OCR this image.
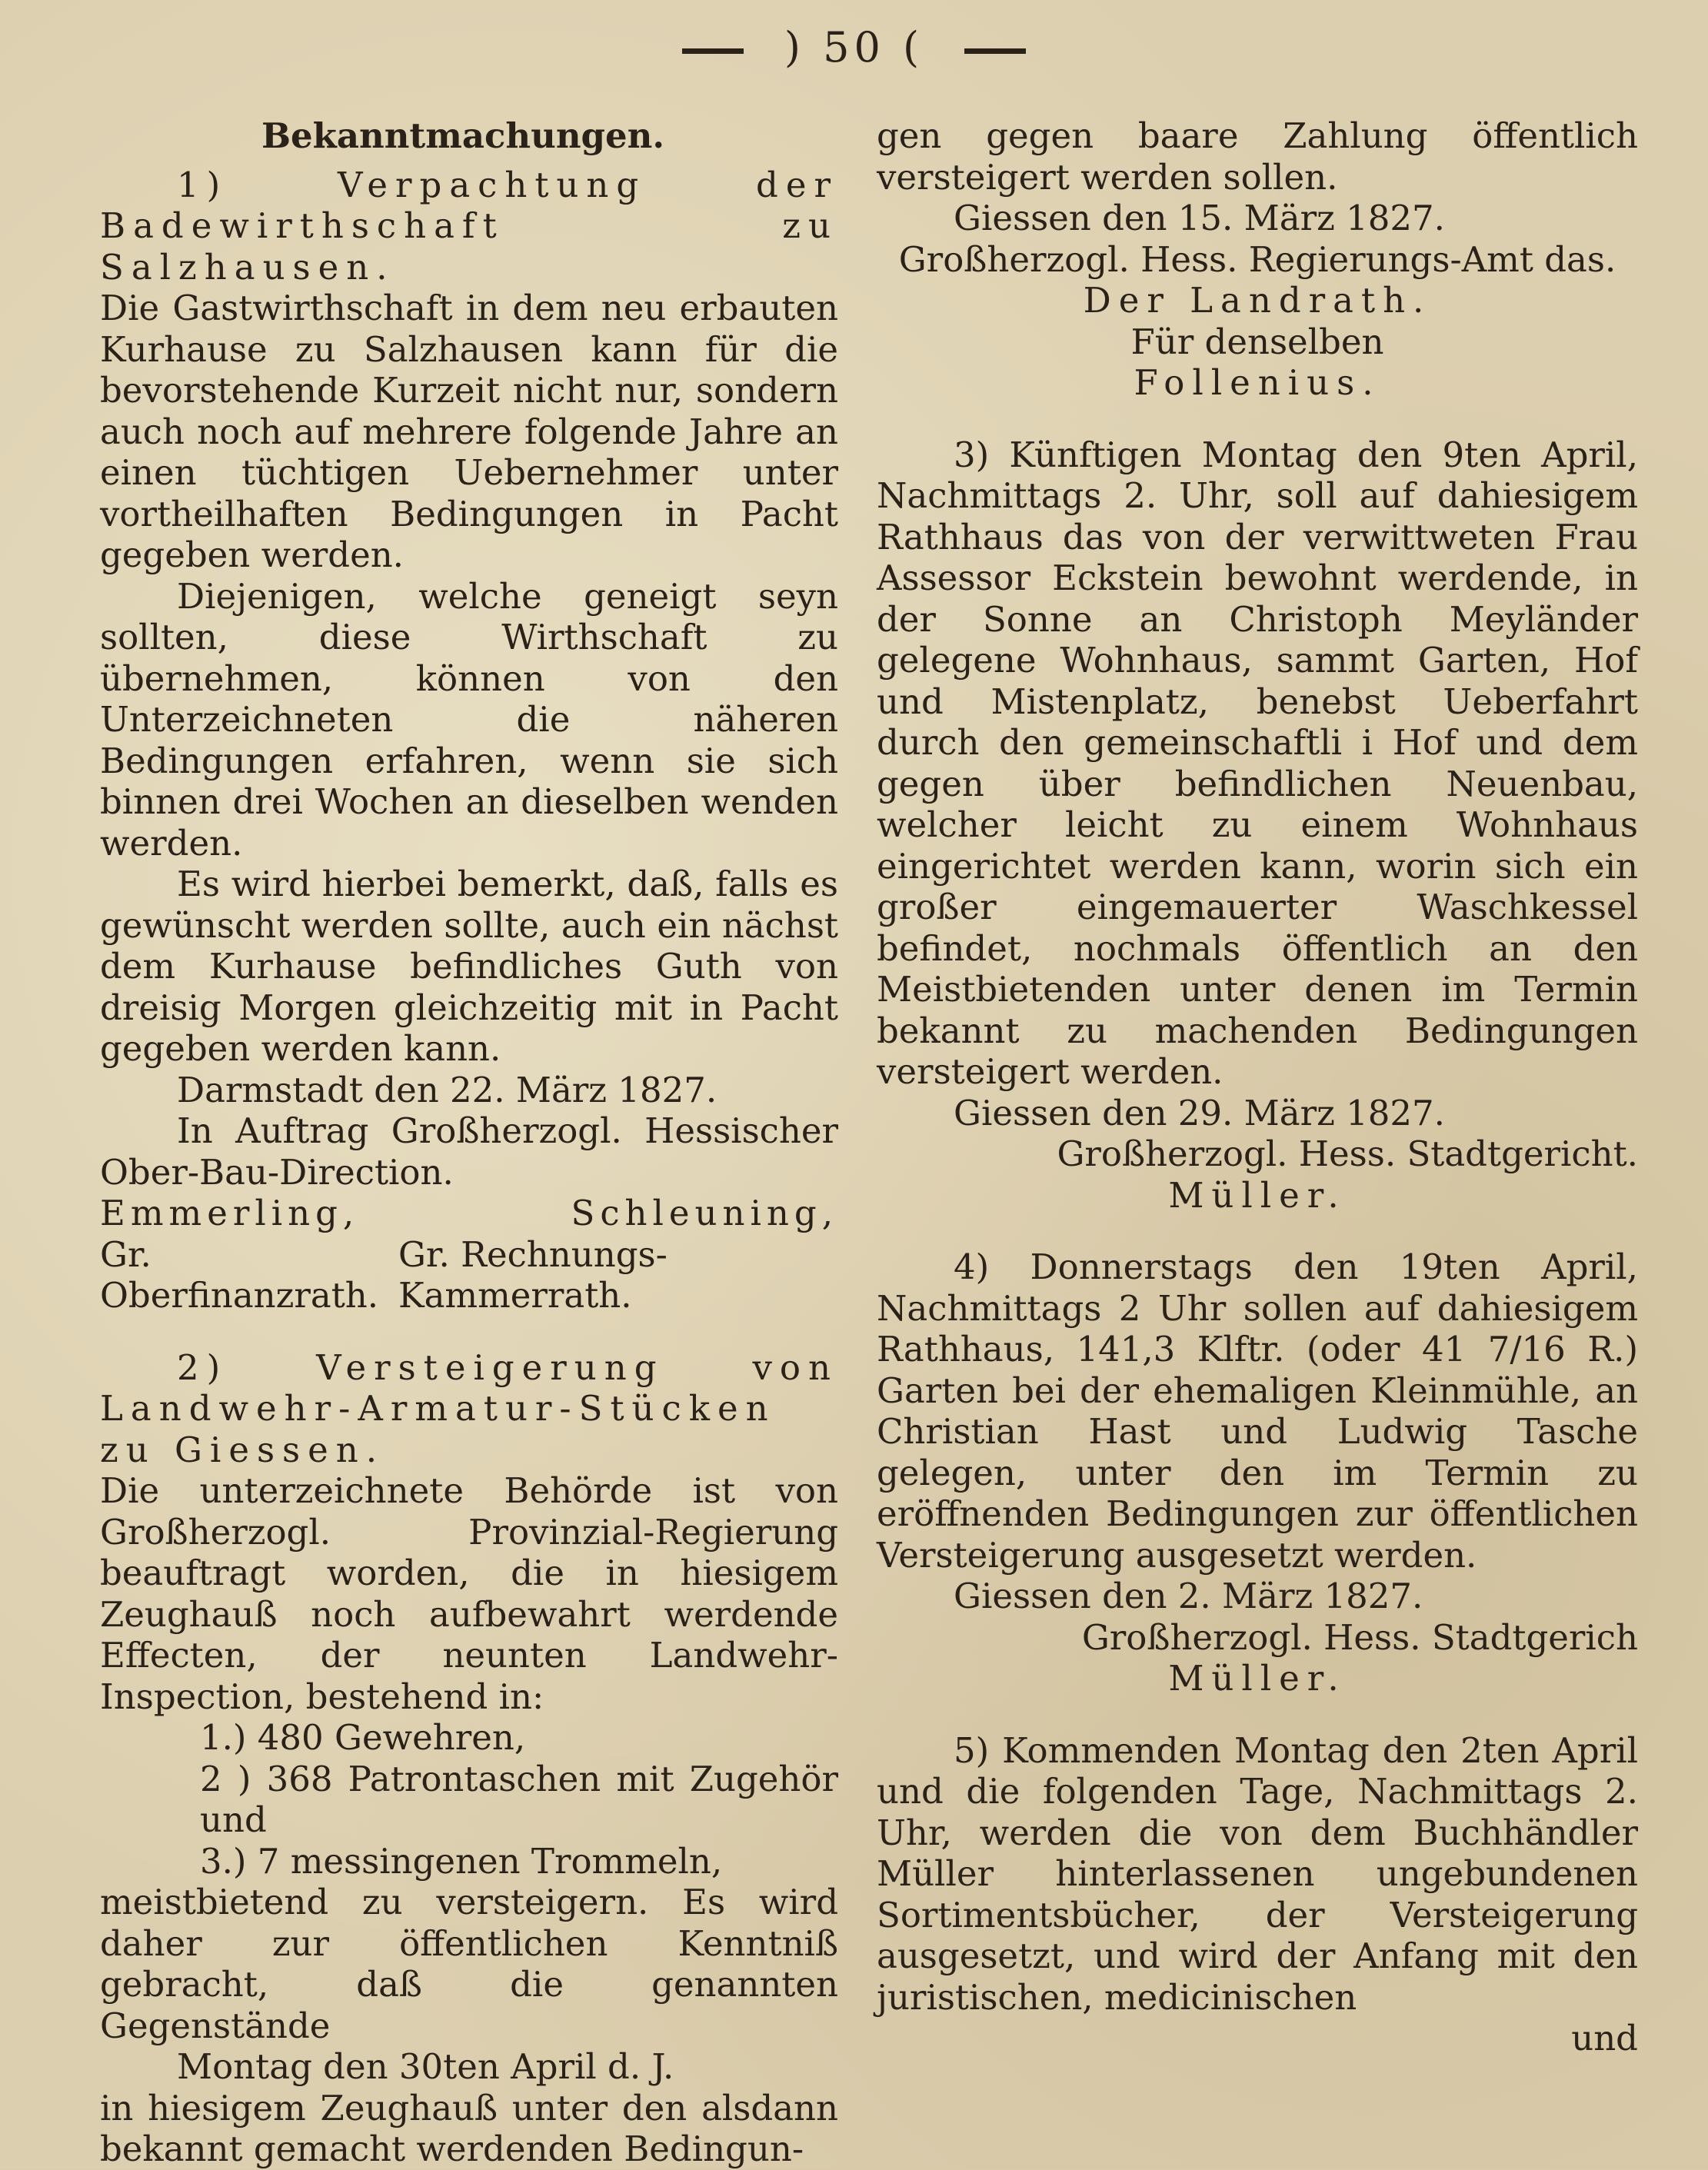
) 50 (

Bekanntmachungen.

1) Verpachtung der Badewirthschaft zu Salzhausen.

Die Gastwirthschaft in dem neu erbauten Kurhause zu Salzhausen kann für die bevorstehende Kurzeit nicht nur, sondern auch noch auf mehrere folgende Jahre an einen tüchtigen Uebernehmer unter vortheilhaften Bedingungen in Pacht gegeben werden.

Diejenigen, welche geneigt seyn sollten, diese Wirthschaft zu übernehmen, können von den Unterzeichneten die näheren Bedingungen erfahren, wenn sie sich binnen drei Wochen an dieselben wenden werden.

Es wird hierbei bemerkt, daß, falls es gewünscht werden sollte, auch ein nächst dem Kurhause befindliches Guth von dreisig Morgen gleichzeitig mit in Pacht gegeben werden kann.

Darmstadt den 22. März 1827.

In Auftrag Großherzogl. Hessischer Ober-Bau-Direction.

Emmerling,	Schleuning,
Gr. Oberfinanzrath.
Gr. Rechnungs-Kammerrath.

2) Versteigerung von Landwehr-Armatur-Stücken zu Giessen.

Die unterzeichnete Behörde ist von Großherzogl. Provinzial-Regierung beauftragt worden, die in hiesigem Zeughauß noch aufbewahrt werdende Effecten, der neunten Landwehr-Inspection, bestehend in:

1.) 480 Gewehren,

2 ) 368 Patrontaschen mit Zugehör und

3.) 7 messingenen Trommeln,

meistbietend zu versteigern. Es wird daher zur öffentlichen Kenntniß gebracht, daß die genannten Gegenstände

Montag den 30ten April d. J.

in hiesigem Zeughauß unter den alsdann bekannt gemacht werdenden Bedingun-

gen gegen baare Zahlung öffentlich versteigert werden sollen.

Giessen den 15. März 1827.

Großherzogl. Hess. Regierungs-Amt das.

Der Landrath.

Für denselben

Follenius.

3) Künftigen Montag den 9ten April, Nachmittags 2. Uhr, soll auf dahiesigem Rathhaus das von der verwittweten Frau Assessor Eckstein bewohnt werdende, in der Sonne an Christoph Meyländer gelegene Wohnhaus, sammt Garten, Hof und Mistenplatz, benebst Ueberfahrt durch den gemeinschaftli i Hof und dem gegen über befindlichen Neuenbau, welcher leicht zu einem Wohnhaus eingerichtet werden kann, worin sich ein großer eingemauerter Waschkessel befindet, nochmals öffentlich an den Meistbietenden unter denen im Termin bekannt zu machenden Bedingungen versteigert werden.

Giessen den 29. März 1827.

Großherzogl. Hess. Stadtgericht.

Müller.

4) Donnerstags den 19ten April, Nachmittags 2 Uhr sollen auf dahiesigem Rathhaus, 141,3 Klftr. (oder 41 7/16 R.) Garten bei der ehemaligen Kleinmühle, an Christian Hast und Ludwig Tasche gelegen, unter den im Termin zu eröffnenden Bedingungen zur öffentlichen Versteigerung ausgesetzt werden.

Giessen den 2. März 1827.

Großherzogl. Hess. Stadtgerich

Müller.

5) Kommenden Montag den 2ten April und die folgenden Tage, Nachmittags 2. Uhr, werden die von dem Buchhändler Müller hinterlassenen ungebundenen Sortimentsbücher, der Versteigerung ausgesetzt, und wird der Anfang mit den juristischen, medicinischen

und
